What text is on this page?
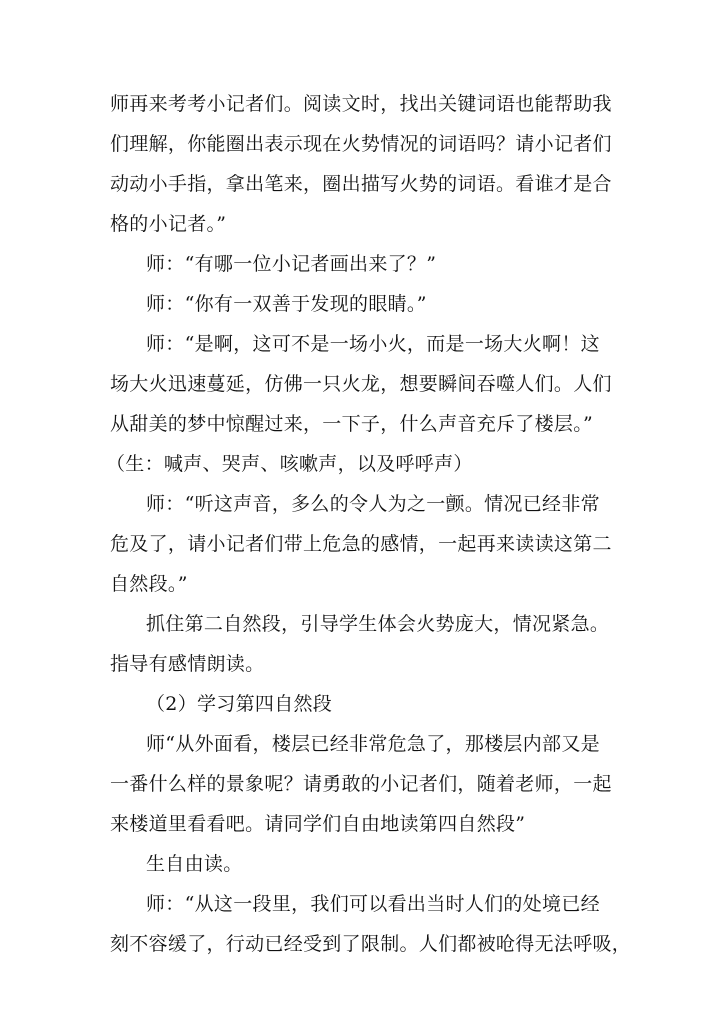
师再来考考小记者们。阅读文时，找出关键词语也能帮助我
们理解，你能圈出表示现在火势情况的词语吗？请小记者们
动动小手指，拿出笔来，圈出描写火势的词语。看谁才是合
格的小记者。”
师：“有哪一位小记者画出来了？”
师：“你有一双善于发现的眼睛。”
师：“是啊，这可不是一场小火，而是一场大火啊！这
场大火迅速蔓延，仿佛一只火龙，想要瞬间吞噬人们。人们
从甜美的梦中惊醒过来，一下子，什么声音充斥了楼层。”
（生：喊声、哭声、咳嗽声，以及呼呼声）
师：“听这声音，多么的令人为之一颤。情况已经非常
危及了，请小记者们带上危急的感情，一起再来读读这第二
自然段。”
抓住第二自然段，引导学生体会火势庞大，情况紧急。
指导有感情朗读。
（2）学习第四自然段
师“从外面看，楼层已经非常危急了，那楼层内部又是
一番什么样的景象呢？请勇敢的小记者们，随着老师，一起
来楼道里看看吧。请同学们自由地读第四自然段”
生自由读。
师：“从这一段里，我们可以看出当时人们的处境已经
刻不容缓了，行动已经受到了限制。人们都被呛得无法呼吸，
